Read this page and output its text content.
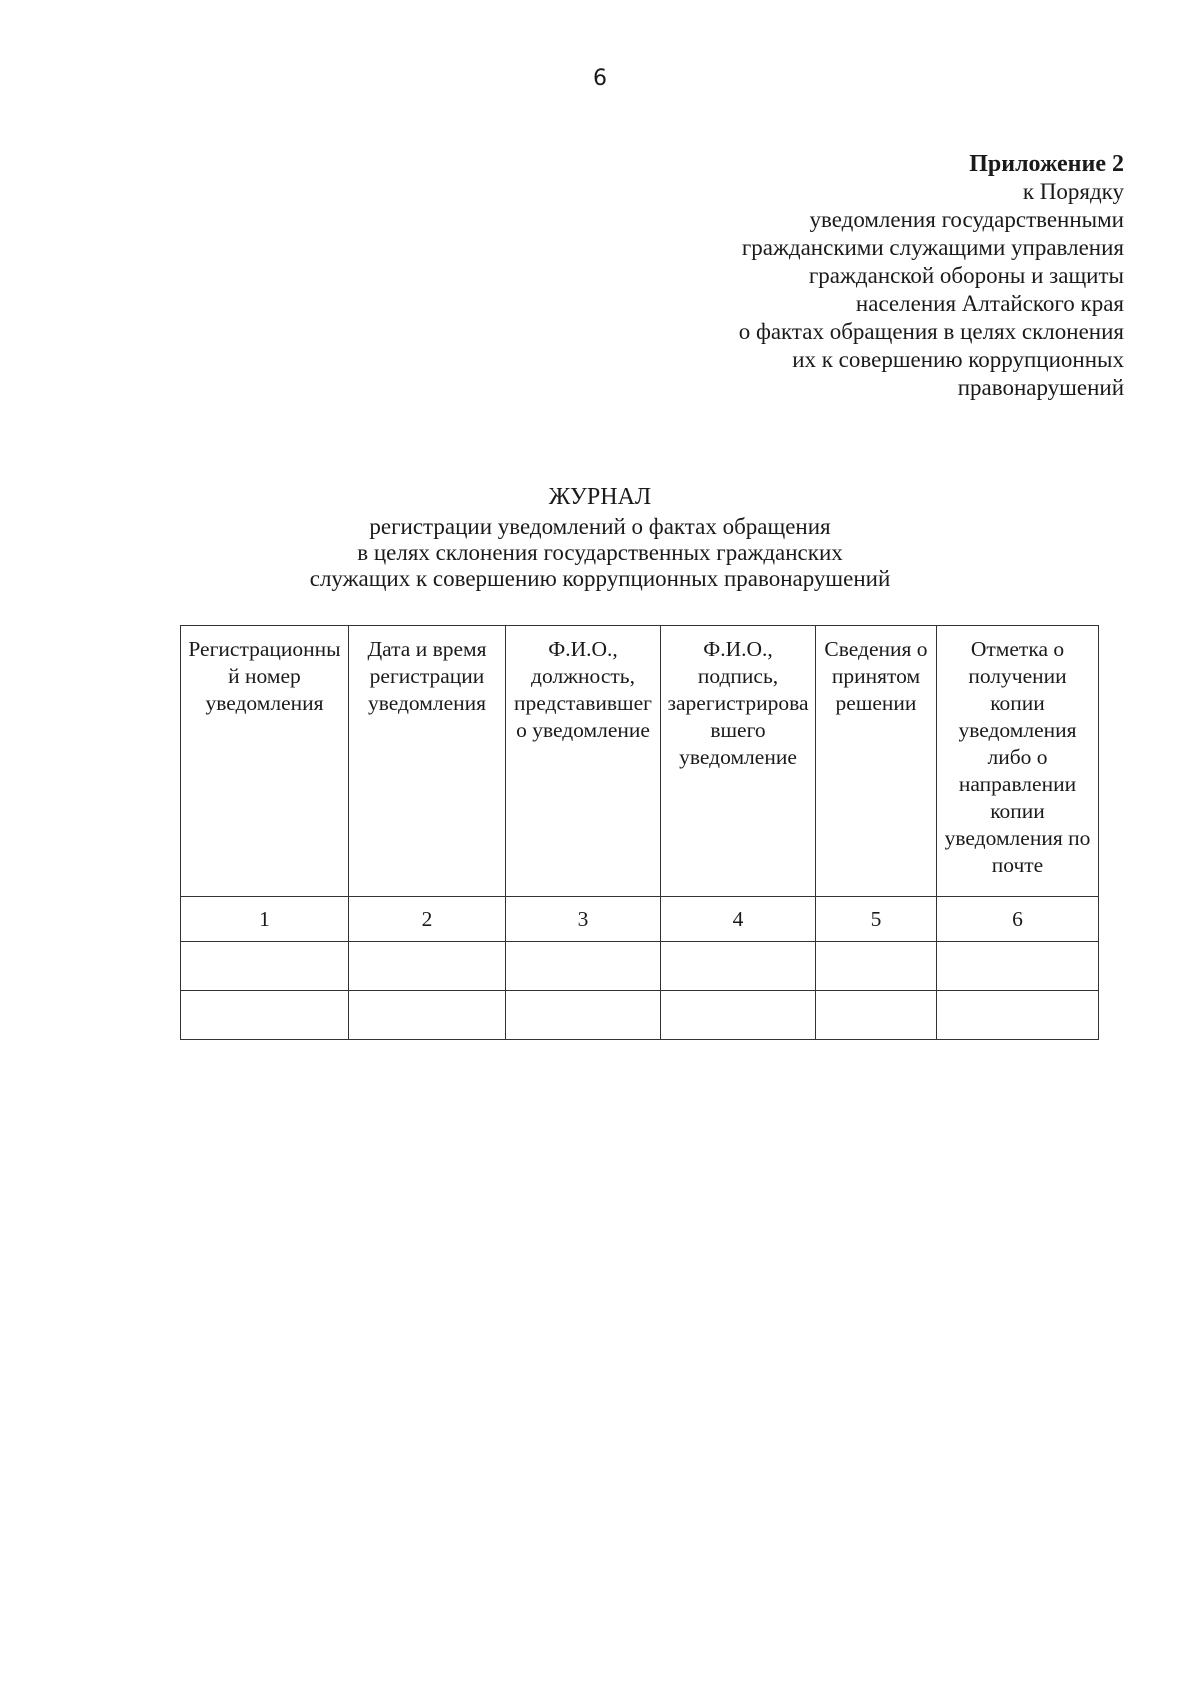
6
Приложение 2
к Порядку
уведомления государственными
гражданскими служащими управления
гражданской обороны и защиты
населения Алтайского края
о фактах обращения в целях склонения
их к совершению коррупционных
правонарушений
ЖУРНАЛ
регистрации уведомлений о фактах обращения
в целях склонения государственных гражданских
служащих к совершению коррупционных правонарушений
Регистрационный номер уведомления	Дата и время регистрации уведомления	Ф.И.О., должность, представившего уведомление	Ф.И.О., подпись, зарегистрировавшего уведомление	Сведения о принятом решении	Отметка о получении копии уведомления либо о направлении копии уведомления по почте
1	2	3	4	5	6
